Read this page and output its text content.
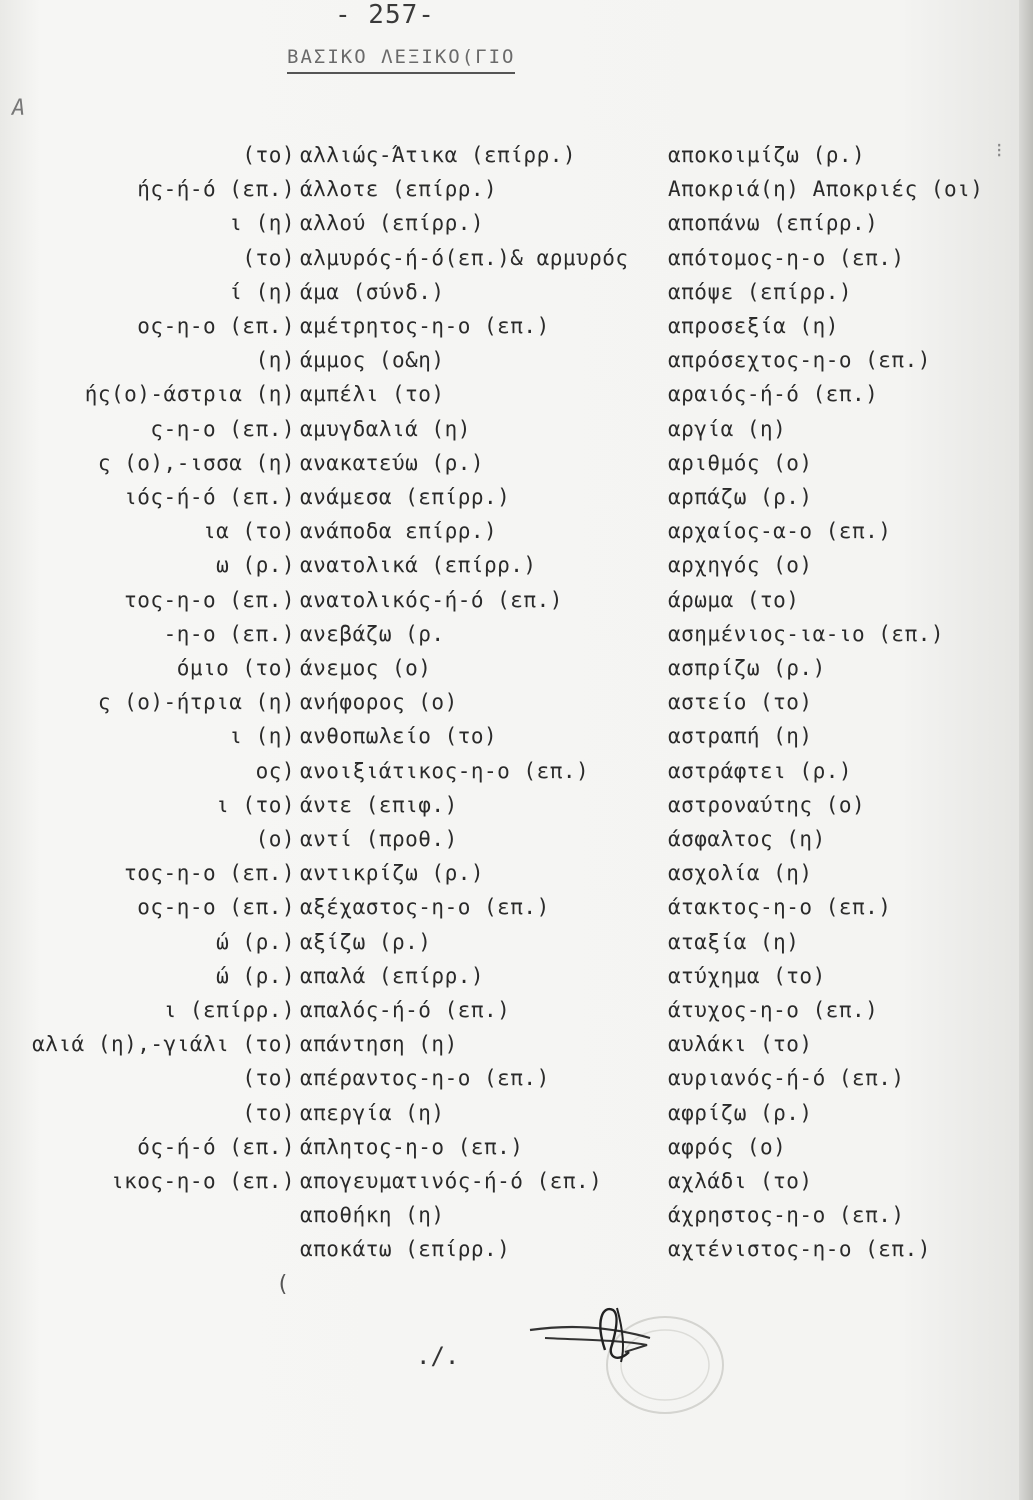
- 257-
ΒΑΣΙΚΟ ΛΕΞΙΚΟ(ΓΙΟ
Α
(το)
ής-ή-ό (επ.)
ι (η)
(το)
ί (η)
ος-η-ο (επ.)
(η)
ής(ο)-άστρια (η)
ς-η-ο (επ.)
ς (ο),-ισσα (η)
ιός-ή-ό (επ.)
ια (το)
ω (ρ.)
τος-η-ο (επ.)
-η-ο (επ.)
όμιο (το)
ς (ο)-ήτρια (η)
ι (η)
ος)
ι (το)
(ο)
τος-η-ο (επ.)
ος-η-ο (επ.)
ώ (ρ.)
ώ (ρ.)
ι (επίρρ.)
αλιά (η),-γιάλι (το)
(το)
(το)
ός-ή-ό (επ.)
ικος-η-ο (επ.)
αλλιώς-Άτικα (επίρρ.)
άλλοτε (επίρρ.)
αλλού (επίρρ.)
αλμυρός-ή-ό(επ.)& αρμυρός
άμα (σύνδ.)
αμέτρητος-η-ο (επ.)
άμμος (ο&η)
αμπέλι (το)
αμυγδαλιά (η)
ανακατεύω (ρ.)
ανάμεσα (επίρρ.)
ανάποδα επίρρ.)
ανατολικά (επίρρ.)
ανατολικός-ή-ό (επ.)
ανεβάζω (ρ.
άνεμος (ο)
ανήφορος (ο)
ανθοπωλείο (το)
ανοιξιάτικος-η-ο (επ.)
άντε (επιφ.)
αντί (προθ.)
αντικρίζω (ρ.)
αξέχαστος-η-ο (επ.)
αξίζω (ρ.)
απαλά (επίρρ.)
απαλός-ή-ό (επ.)
απάντηση (η)
απέραντος-η-ο (επ.)
απεργία (η)
άπλητος-η-ο (επ.)
απογευματινός-ή-ό (επ.)
αποθήκη (η)
αποκάτω (επίρρ.)
αποκοιμίζω (ρ.)
Αποκριά(η) Αποκριές (οι)
αποπάνω (επίρρ.)
απότομος-η-ο (επ.)
απόψε (επίρρ.)
απροσεξία (η)
απρόσεχτος-η-ο (επ.)
αραιός-ή-ό (επ.)
αργία (η)
αριθμός (ο)
αρπάζω (ρ.)
αρχαίος-α-ο (επ.)
αρχηγός (ο)
άρωμα (το)
ασημένιος-ια-ιο (επ.)
ασπρίζω (ρ.)
αστείο (το)
αστραπή (η)
αστράφτει (ρ.)
αστροναύτης (ο)
άσφαλτος (η)
ασχολία (η)
άτακτος-η-ο (επ.)
αταξία (η)
ατύχημα (το)
άτυχος-η-ο (επ.)
αυλάκι (το)
αυριανός-ή-ό (επ.)
αφρίζω (ρ.)
αφρός (ο)
αχλάδι (το)
άχρηστος-η-ο (επ.)
αχτένιστος-η-ο (επ.)
⁝
(
./.
